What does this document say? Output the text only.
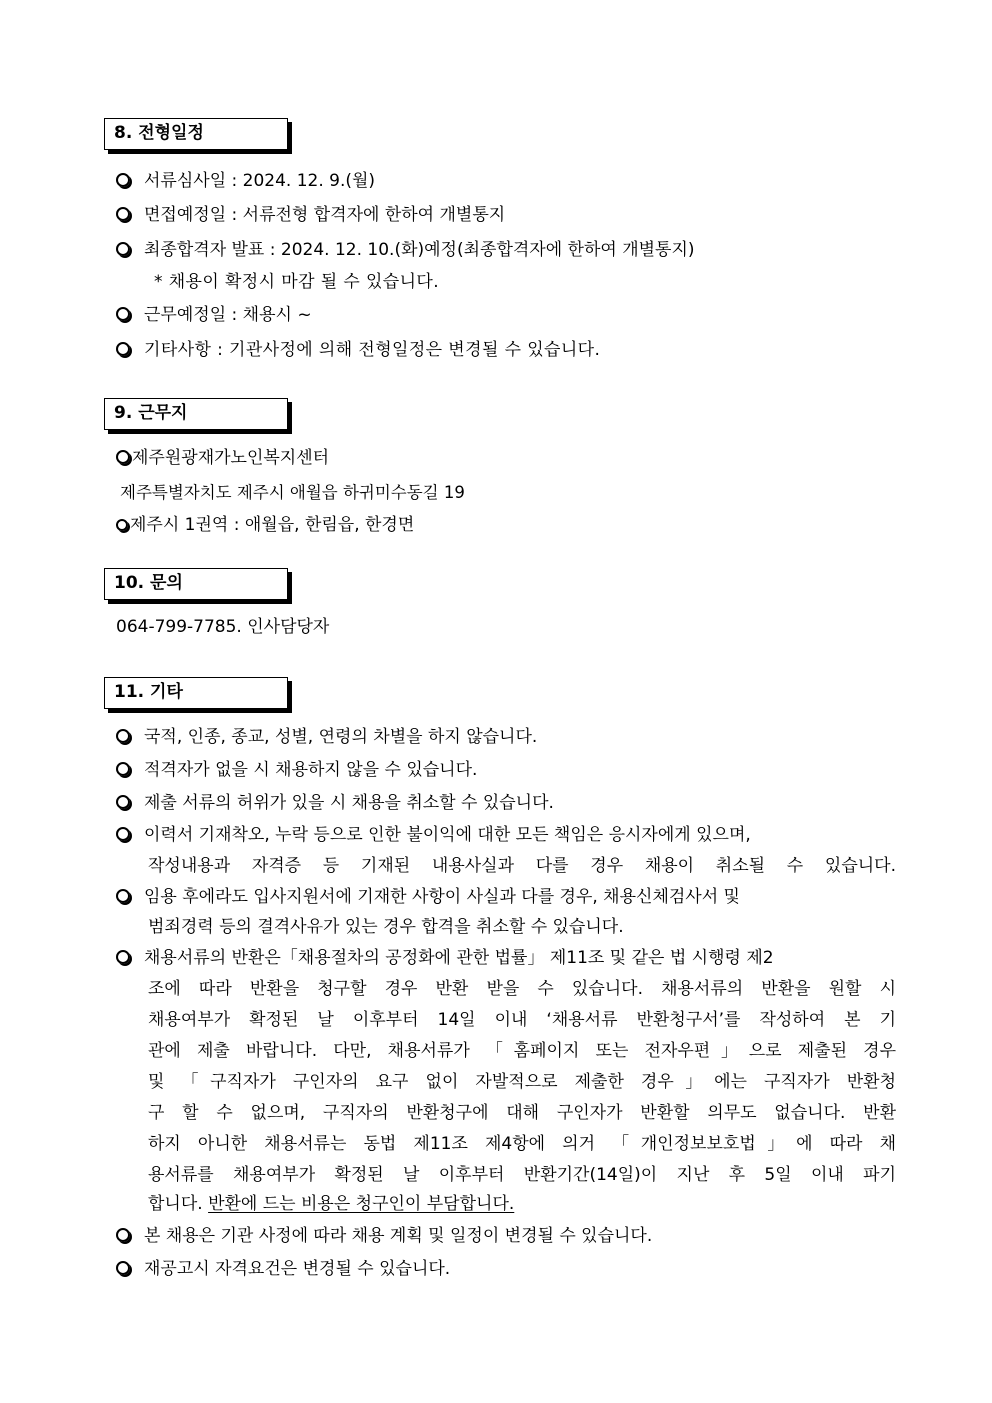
8. 전형일정
서류심사일 : 2024. 12. 9.(월)
면접예정일 : 서류전형 합격자에 한하여 개별통지
최종합격자 발표 : 2024. 12. 10.(화)예정(최종합격자에 한하여 개별통지)
* 채용이 확정시 마감 될 수 있습니다.
근무예정일 : 채용시 ~
기타사항 : 기관사정에 의해 전형일정은 변경될 수 있습니다.
9. 근무지
제주원광재가노인복지센터
제주특별자치도 제주시 애월읍 하귀미수동길 19
제주시 1권역 : 애월읍, 한림읍, 한경면
10. 문의
064-799-7785. 인사담당자
11. 기타
국적, 인종, 종교, 성별, 연령의 차별을 하지 않습니다.
적격자가 없을 시 채용하지 않을 수 있습니다.
제출 서류의 허위가 있을 시 채용을 취소할 수 있습니다.
이력서 기재착오, 누락 등으로 인한 불이익에 대한 모든 책임은 응시자에게 있으며,
작성내용과 자격증 등 기재된 내용사실과 다를 경우 채용이 취소될 수 있습니다.
임용 후에라도 입사지원서에 기재한 사항이 사실과 다를 경우, 채용신체검사서 및
범죄경력 등의 결격사유가 있는 경우 합격을 취소할 수 있습니다.
채용서류의 반환은「채용절차의 공정화에 관한 법률」 제11조 및 같은 법 시행령 제2
조에 따라 반환을 청구할 경우 반환 받을 수 있습니다. 채용서류의 반환을 원할 시
채용여부가 확정된 날 이후부터 14일 이내 ‘채용서류 반환청구서’를 작성하여 본 기
관에 제출 바랍니다. 다만, 채용서류가 「홈페이지 또는 전자우편」으로 제출된 경우
및 「구직자가 구인자의 요구 없이 자발적으로 제출한 경우」에는 구직자가 반환청
구 할 수 없으며, 구직자의 반환청구에 대해 구인자가 반환할 의무도 없습니다. 반환
하지 아니한 채용서류는 동법 제11조 제4항에 의거 「개인정보보호법」에 따라 채
용서류를 채용여부가 확정된 날 이후부터 반환기간(14일)이 지난 후 5일 이내 파기
합니다. 반환에 드는 비용은 청구인이 부담합니다.
본 채용은 기관 사정에 따라 채용 계획 및 일정이 변경될 수 있습니다.
재공고시 자격요건은 변경될 수 있습니다.
